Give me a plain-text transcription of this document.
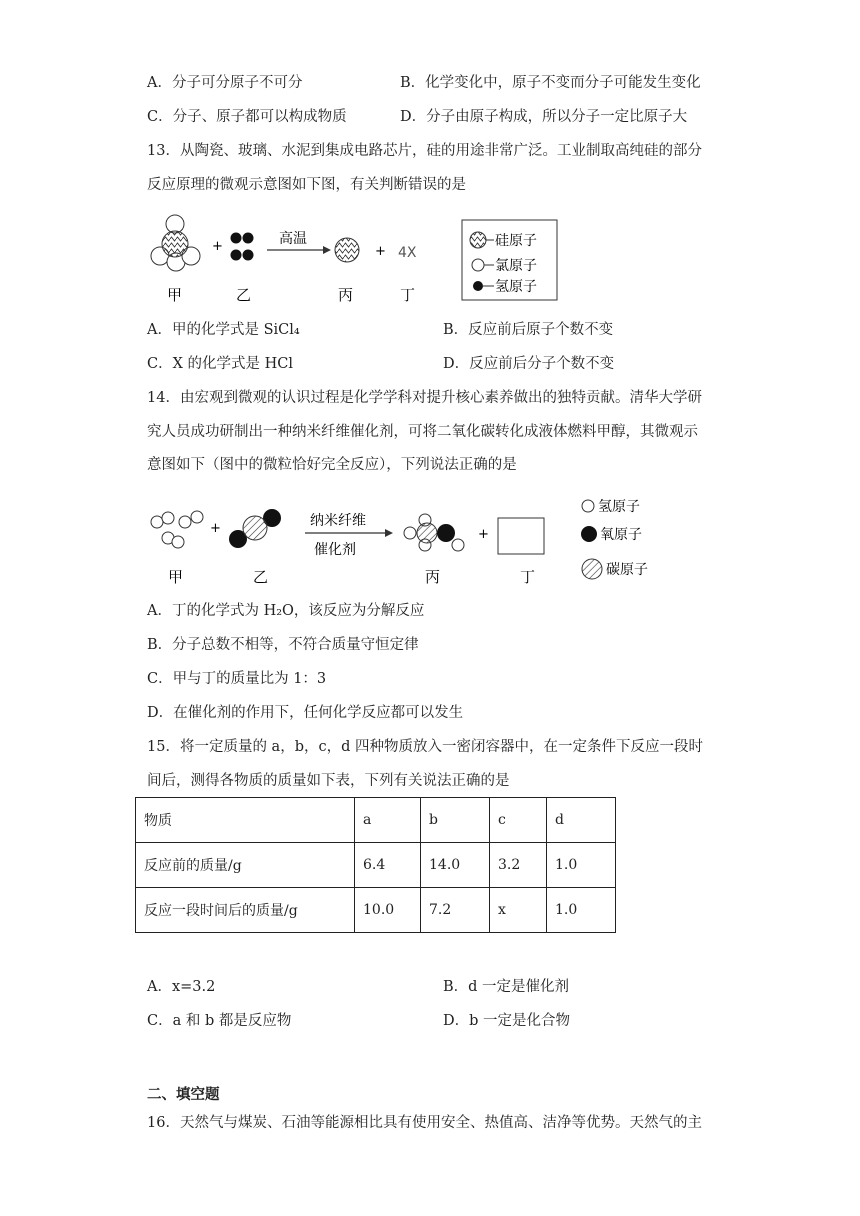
A．分子可分原子不可分	B．化学变化中，原子不变而分子可能发生变化
C．分子、原子都可以构成物质	D．分子由原子构成，所以分子一定比原子大
13．从陶瓷、玻璃、水泥到集成电路芯片，硅的用途非常广泛。工业制取高纯硅的部分
反应原理的微观示意图如下图，有关判断错误的是
+	高温
+ 4X
甲	乙	丙	丁
硅原子
氯原子
氢原子
A．甲的化学式是 SiCl₄	B．反应前后原子个数不变
C．X 的化学式是 HCl	D．反应前后分子个数不变
14．由宏观到微观的认识过程是化学学科对提升核心素养做出的独特贡献。清华大学研
究人员成功研制出一种纳米纤维催化剂，可将二氧化碳转化成液体燃料甲醇，其微观示
意图如下（图中的微粒恰好完全反应），下列说法正确的是
+	纳米纤维
催化剂
+
甲	乙	丙	丁
氢原子
氧原子
碳原子
A．丁的化学式为 H₂O，该反应为分解反应
B．分子总数不相等，不符合质量守恒定律
C．甲与丁的质量比为 1：3
D．在催化剂的作用下，任何化学反应都可以发生
15．将一定质量的 a，b，c，d 四种物质放入一密闭容器中，在一定条件下反应一段时
间后，测得各物质的质量如下表，下列有关说法正确的是
物质	a	b	c	d
反应前的质量/g	6.4	14.0	3.2	1.0
反应一段时间后的质量/g	10.0	7.2	x	1.0
A．x=3.2	B．d 一定是催化剂
C．a 和 b 都是反应物	D．b 一定是化合物
二、填空题
16．天然气与煤炭、石油等能源相比具有使用安全、热值高、洁净等优势。天然气的主
